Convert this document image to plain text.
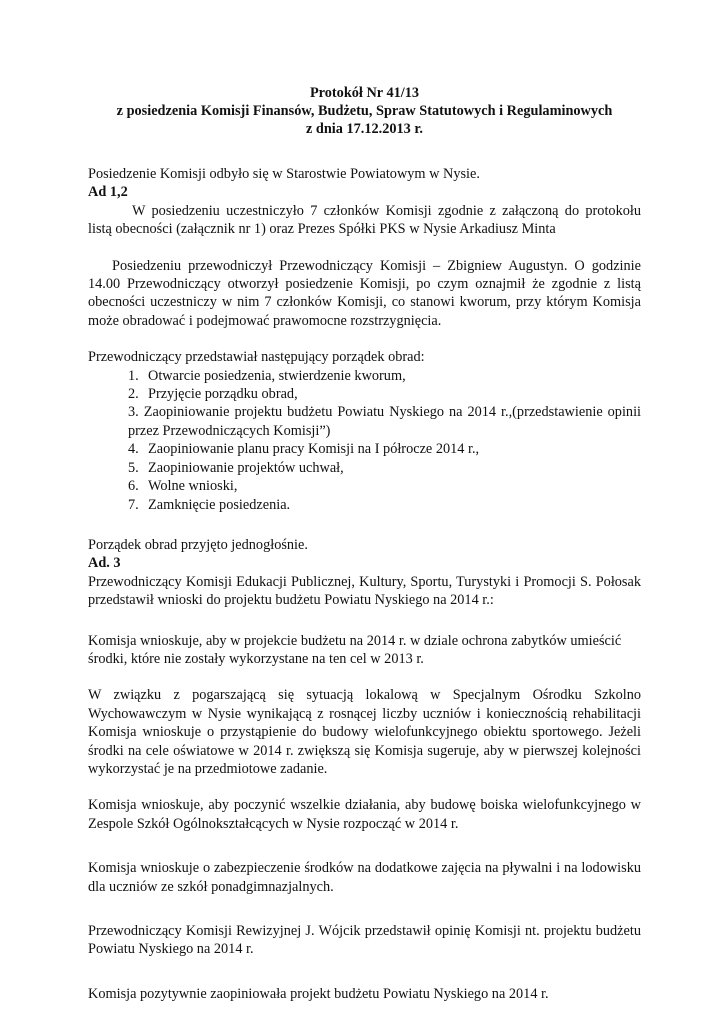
Protokół Nr 41/13
z posiedzenia Komisji Finansów, Budżetu, Spraw Statutowych i Regulaminowych
z dnia 17.12.2013 r.

Posiedzenie Komisji odbyło się w Starostwie Powiatowym w Nysie.

Ad 1,2

W posiedzeniu uczestniczyło 7 członków Komisji zgodnie z załączoną do protokołu listą obecności (załącznik nr 1) oraz Prezes Spółki PKS w Nysie Arkadiusz Minta

Posiedzeniu przewodniczył Przewodniczący Komisji – Zbigniew Augustyn. O godzinie 14.00 Przewodniczący otworzył posiedzenie Komisji, po czym oznajmił że zgodnie z listą obecności uczestniczy w nim 7 członków Komisji, co stanowi kworum, przy którym Komisja może obradować i podejmować prawomocne rozstrzygnięcia.

Przewodniczący przedstawiał następujący porządek obrad:

1. Otwarcie posiedzenia, stwierdzenie kworum,
2. Przyjęcie porządku obrad,
3. Zaopiniowanie projektu budżetu Powiatu Nyskiego na 2014 r.,(przedstawienie opinii przez Przewodniczących Komisji”)
4. Zaopiniowanie planu pracy Komisji na I półrocze 2014 r.,
5. Zaopiniowanie projektów uchwał,
6. Wolne wnioski,
7. Zamknięcie posiedzenia.

Porządek obrad przyjęto jednogłośnie.

Ad. 3

Przewodniczący Komisji Edukacji Publicznej, Kultury, Sportu, Turystyki i Promocji S. Połosak przedstawił wnioski do projektu budżetu Powiatu Nyskiego na 2014 r.:

Komisja wnioskuje, aby w projekcie budżetu na 2014 r. w dziale ochrona zabytków umieścić środki, które nie zostały wykorzystane na ten cel w 2013 r.

W związku z pogarszającą się sytuacją lokalową w Specjalnym Ośrodku Szkolno Wychowawczym w Nysie wynikającą z rosnącej liczby uczniów i koniecznością rehabilitacji Komisja wnioskuje o przystąpienie do budowy wielofunkcyjnego obiektu sportowego. Jeżeli środki na cele oświatowe w 2014 r. zwiększą się Komisja sugeruje, aby w pierwszej kolejności wykorzystać je na przedmiotowe zadanie.

Komisja wnioskuje, aby poczynić wszelkie działania, aby budowę boiska wielofunkcyjnego w Zespole Szkół Ogólnokształcących w Nysie rozpocząć w 2014 r.

Komisja wnioskuje o zabezpieczenie środków na dodatkowe zajęcia na pływalni i na lodowisku dla uczniów ze szkół ponadgimnazjalnych.

Przewodniczący Komisji Rewizyjnej J. Wójcik przedstawił opinię Komisji nt. projektu budżetu Powiatu Nyskiego na 2014 r.

Komisja pozytywnie zaopiniowała projekt budżetu Powiatu Nyskiego na 2014 r.
